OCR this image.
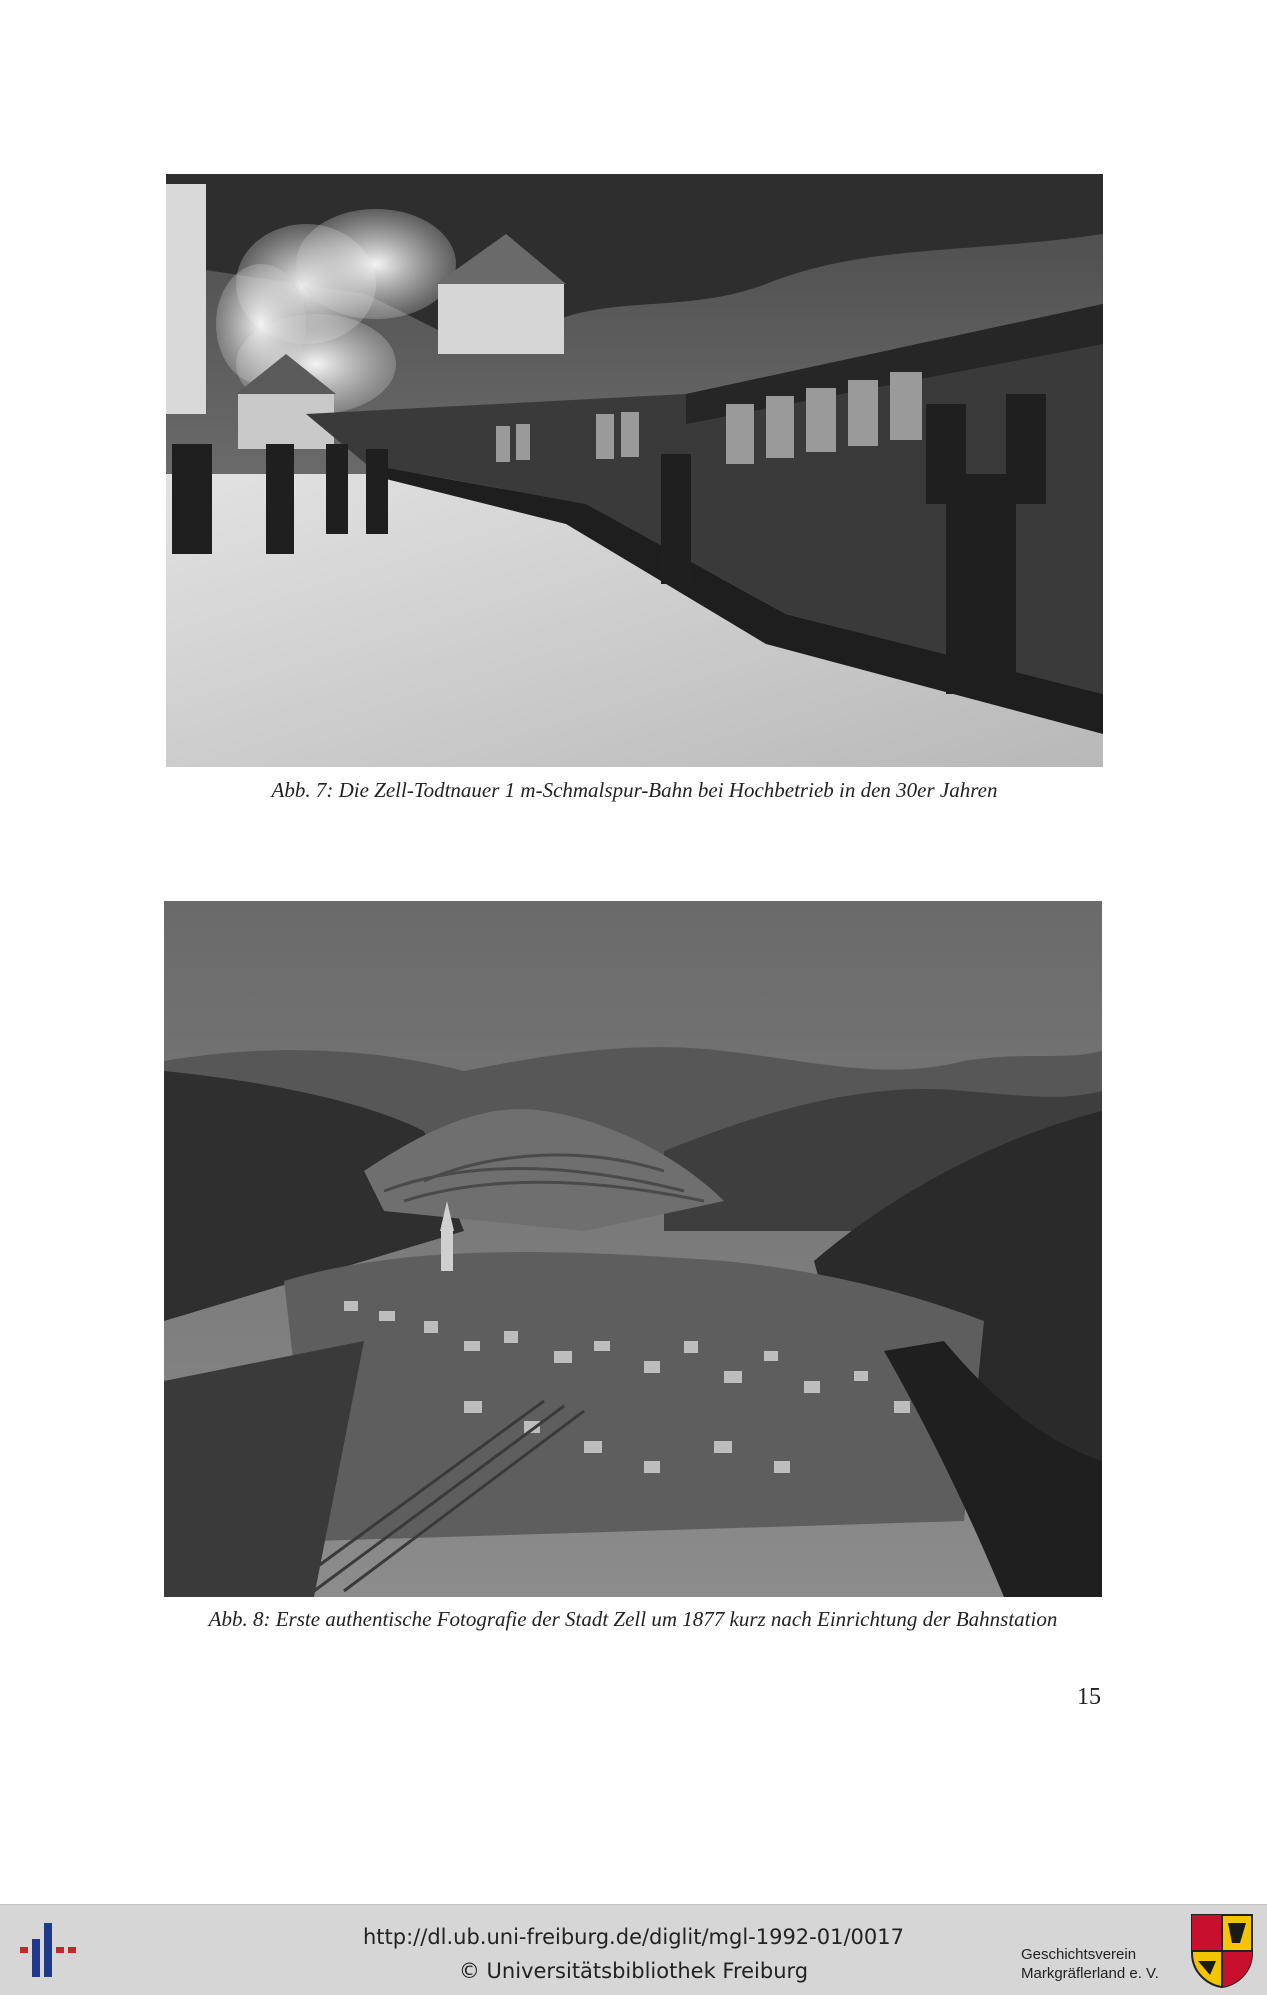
Abb. 7: Die Zell-Todtnauer 1 m-Schmalspur-Bahn bei Hochbetrieb in den 30er Jahren
Abb. 8: Erste authentische Fotografie der Stadt Zell um 1877 kurz nach Einrichtung der Bahnstation
15
http://dl.ub.uni-freiburg.de/diglit/mgl-1992-01/0017
© Universitätsbibliothek Freiburg
Geschichtsverein
Markgräflerland e. V.
